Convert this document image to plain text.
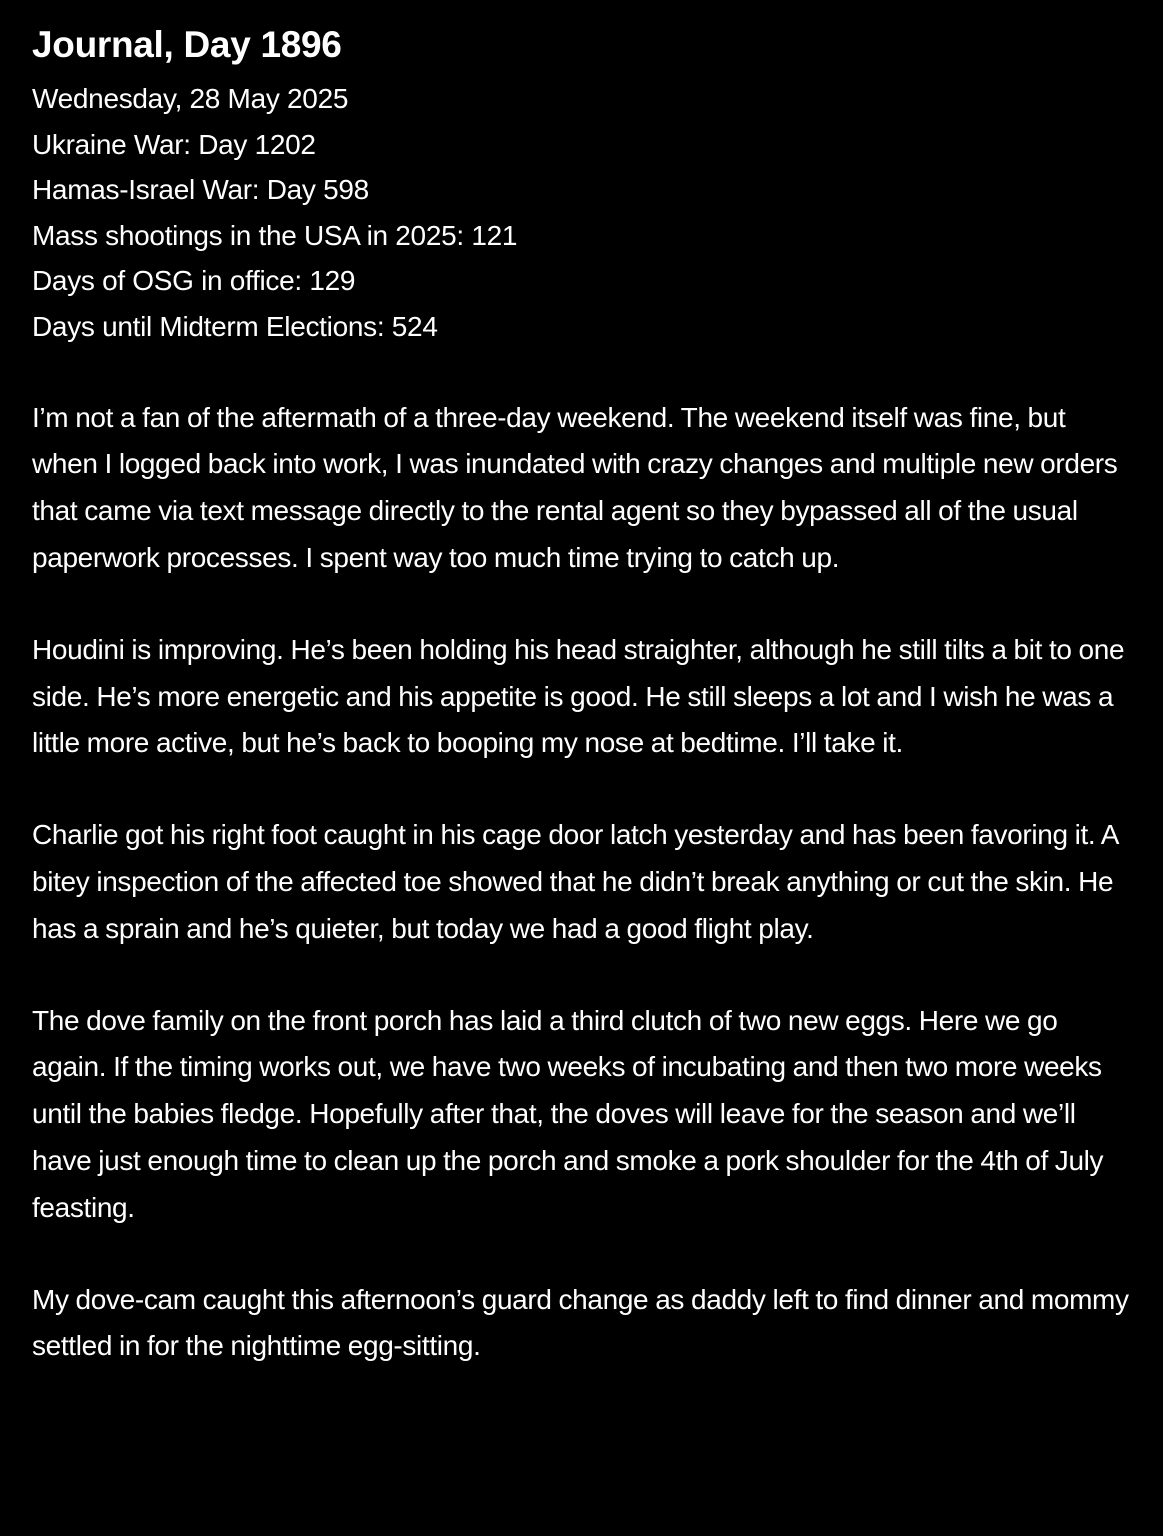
Journal, Day 1896
Wednesday, 28 May 2025
Ukraine War: Day 1202
Hamas-Israel War: Day 598
Mass shootings in the USA in 2025: 121
Days of OSG in office: 129
Days until Midterm Elections: 524

I’m not a fan of the aftermath of a three-day weekend. The weekend itself was fine, but when I logged back into work, I was inundated with crazy changes and multiple new orders that came via text message directly to the rental agent so they bypassed all of the usual paperwork processes. I spent way too much time trying to catch up.

Houdini is improving. He’s been holding his head straighter, although he still tilts a bit to one side. He’s more energetic and his appetite is good. He still sleeps a lot and I wish he was a little more active, but he’s back to booping my nose at bedtime. I’ll take it.

Charlie got his right foot caught in his cage door latch yesterday and has been favoring it. A bitey inspection of the affected toe showed that he didn’t break anything or cut the skin. He has a sprain and he’s quieter, but today we had a good flight play.

The dove family on the front porch has laid a third clutch of two new eggs. Here we go again. If the timing works out, we have two weeks of incubating and then two more weeks until the babies fledge. Hopefully after that, the doves will leave for the season and we’ll have just enough time to clean up the porch and smoke a pork shoulder for the 4th of July feasting.

My dove-cam caught this afternoon’s guard change as daddy left to find dinner and mommy settled in for the nighttime egg-sitting.
